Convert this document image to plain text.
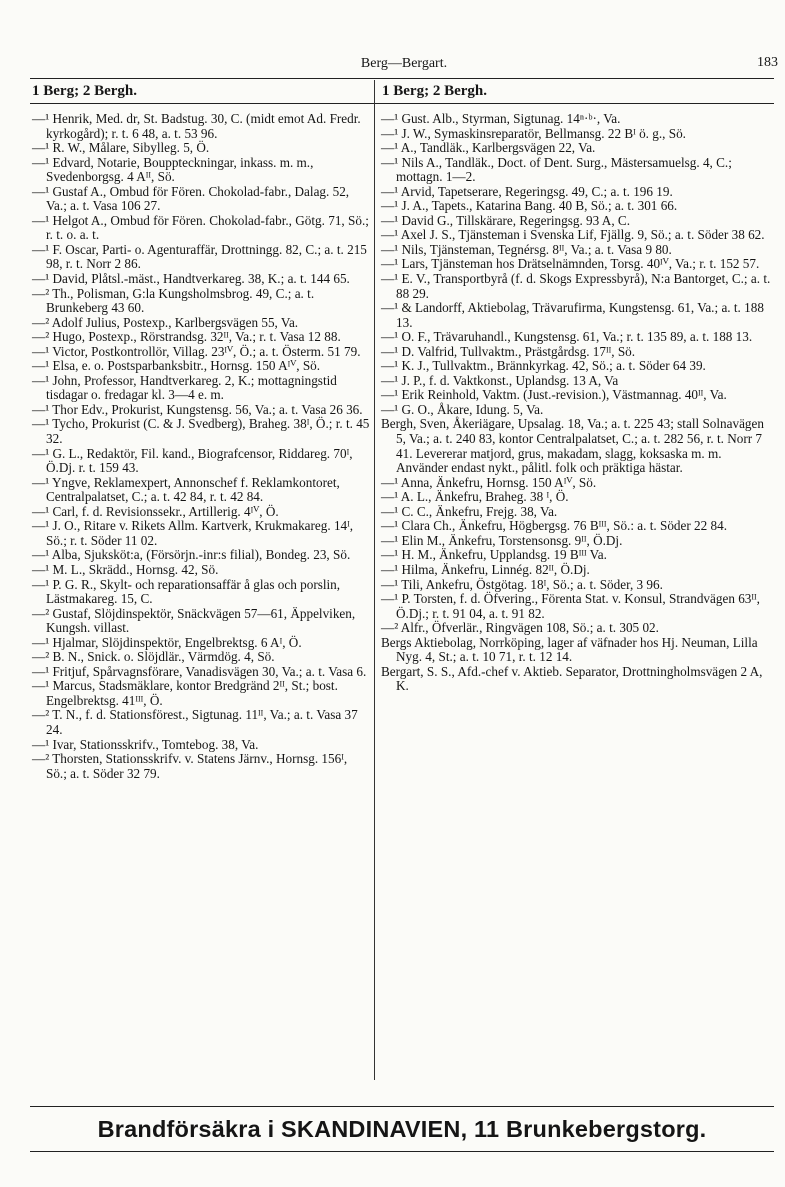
Berg—Bergart.	183
1 Berg; 2 Bergh.	1 Berg; 2 Bergh.

—¹ Henrik, Med. dr, St. Badstug. 30, C. (midt emot Ad. Fredr. kyrkogård); r. t. 6 48, a. t. 53 96.

—¹ R. W., Målare, Sibylleg. 5, Ö.

—¹ Edvard, Notarie, Bouppteckningar, inkass. m. m., Svedenborgsg. 4 Aᴵᴵ, Sö.

—¹ Gustaf A., Ombud för Fören. Chokolad-fabr., Dalag. 52, Va.; a. t. Vasa 106 27.

—¹ Helgot A., Ombud för Fören. Chokolad-fabr., Götg. 71, Sö.; r. t. o. a. t.

—¹ F. Oscar, Parti- o. Agenturaffär, Drottningg. 82, C.; a. t. 215 98, r. t. Norr 2 86.

—¹ David, Plåtsl.-mäst., Handtverkareg. 38, K.; a. t. 144 65.

—² Th., Polisman, G:la Kungsholmsbrog. 49, C.; a. t. Brunkeberg 43 60.

—² Adolf Julius, Postexp., Karlbergsvägen 55, Va.

—² Hugo, Postexp., Rörstrandsg. 32ᴵᴵ, Va.; r. t. Vasa 12 88.

—¹ Victor, Postkontrollör, Villag. 23ᴵⱽ, Ö.; a. t. Österm. 51 79.

—¹ Elsa, e. o. Postsparbanksbitr., Hornsg. 150 Aᴵⱽ, Sö.

—¹ John, Professor, Handtverkareg. 2, K.; mottagningstid tisdagar o. fredagar kl. 3—4 e. m.

—¹ Thor Edv., Prokurist, Kungstensg. 56, Va.; a. t. Vasa 26 36.

—¹ Tycho, Prokurist (C. & J. Svedberg), Braheg. 38ᴵ, Ö.; r. t. 45 32.

—¹ G. L., Redaktör, Fil. kand., Biografcensor, Riddareg. 70ᴵ, Ö.Dj. r. t. 159 43.

—¹ Yngve, Reklamexpert, Annonschef f. Reklamkontoret, Centralpalatset, C.; a. t. 42 84, r. t. 42 84.

—¹ Carl, f. d. Revisionssekr., Artillerig. 4ᴵⱽ, Ö.

—¹ J. O., Ritare v. Rikets Allm. Kartverk, Krukmakareg. 14ᴵ, Sö.; r. t. Söder 11 02.

—¹ Alba, Sjuksköt:a, (Försörjn.-inr:s filial), Bondeg. 23, Sö.

—¹ M. L., Skrädd., Hornsg. 42, Sö.

—¹ P. G. R., Skylt- och reparationsaffär å glas och porslin, Lästmakareg. 15, C.

—² Gustaf, Slöjdinspektör, Snäckvägen 57—61, Äppelviken, Kungsh. villast.

—¹ Hjalmar, Slöjdinspektör, Engelbrektsg. 6 Aᴵ, Ö.

—² B. N., Snick. o. Slöjdlär., Värmdög. 4, Sö.

—¹ Fritjuf, Spårvagnsförare, Vanadisvägen 30, Va.; a. t. Vasa 6.

—¹ Marcus, Stadsmäklare, kontor Bredgränd 2ᴵᴵ, St.; bost. Engelbrektsg. 41ᴵᴵᴵ, Ö.

—² T. N., f. d. Stationsförest., Sigtunag. 11ᴵᴵ, Va.; a. t. Vasa 37 24.

—¹ Ivar, Stationsskrifv., Tomtebog. 38, Va.

—² Thorsten, Stationsskrifv. v. Statens Järnv., Hornsg. 156ᴵ, Sö.; a. t. Söder 32 79.

—¹ Gust. Alb., Styrman, Sigtunag. 14ⁿ·ᵇ·, Va.

—¹ J. W., Symaskinsreparatör, Bellmansg. 22 Bᴵ ö. g., Sö.

—¹ A., Tandläk., Karlbergsvägen 22, Va.

—¹ Nils A., Tandläk., Doct. of Dent. Surg., Mästersamuelsg. 4, C.; mottagn. 1—2.

—¹ Arvid, Tapetserare, Regeringsg. 49, C.; a. t. 196 19.

—¹ J. A., Tapets., Katarina Bang. 40 B, Sö.; a. t. 301 66.

—¹ David G., Tillskärare, Regeringsg. 93 A, C.

—¹ Axel J. S., Tjänsteman i Svenska Lif, Fjällg. 9, Sö.; a. t. Söder 38 62.

—¹ Nils, Tjänsteman, Tegnérsg. 8ᴵᴵ, Va.; a. t. Vasa 9 80.

—¹ Lars, Tjänsteman hos Drätselnämnden, Torsg. 40ᴵⱽ, Va.; r. t. 152 57.

—¹ E. V., Transportbyrå (f. d. Skogs Expressbyrå), N:a Bantorget, C.; a. t. 88 29.

—¹ & Landorff, Aktiebolag, Trävarufirma, Kungstensg. 61, Va.; a. t. 188 13.

—¹ O. F., Trävaruhandl., Kungstensg. 61, Va.; r. t. 135 89, a. t. 188 13.

—¹ D. Valfrid, Tullvaktm., Prästgårdsg. 17ᴵᴵ, Sö.

—¹ K. J., Tullvaktm., Brännkyrkag. 42, Sö.; a. t. Söder 64 39.

—¹ J. P., f. d. Vaktkonst., Uplandsg. 13 A, Va

—¹ Erik Reinhold, Vaktm. (Just.-revision.), Västmannag. 40ᴵᴵ, Va.

—¹ G. O., Åkare, Idung. 5, Va.

Bergh, Sven, Åkeriägare, Upsalag. 18, Va.; a. t. 225 43; stall Solnavägen 5, Va.; a. t. 240 83, kontor Centralpalatset, C.; a. t. 282 56, r. t. Norr 7 41. Levererar matjord, grus, makadam, slagg, koksaska m. m. Använder endast nykt., pålitl. folk och präktiga hästar.

—¹ Anna, Änkefru, Hornsg. 150 Aᴵⱽ, Sö.

—¹ A. L., Änkefru, Braheg. 38 ᴵ, Ö.

—¹ C. C., Änkefru, Frejg. 38, Va.

—¹ Clara Ch., Änkefru, Högbergsg. 76 Bᴵᴵᴵ, Sö.: a. t. Söder 22 84.

—¹ Elin M., Änkefru, Torstensonsg. 9ᴵᴵ, Ö.Dj.

—¹ H. M., Änkefru, Upplandsg. 19 Bᴵᴵᴵ Va.

—¹ Hilma, Änkefru, Linnég. 82ᴵᴵ, Ö.Dj.

—¹ Tili, Ankefru, Östgötag. 18ᴵ, Sö.; a. t. Söder, 3 96.

—¹ P. Torsten, f. d. Öfvering., Förenta Stat. v. Konsul, Strandvägen 63ᴵᴵ, Ö.Dj.; r. t. 91 04, a. t. 91 82.

—² Alfr., Öfverlär., Ringvägen 108, Sö.; a. t. 305 02.

Bergs Aktiebolag, Norrköping, lager af väfnader hos Hj. Neuman, Lilla Nyg. 4, St.; a. t. 10 71, r. t. 12 14.

Bergart, S. S., Afd.-chef v. Aktieb. Separator, Drottningholmsvägen 2 A, K.

Brandförsäkra i SKANDINAVIEN, 11 Brunkebergstorg.
